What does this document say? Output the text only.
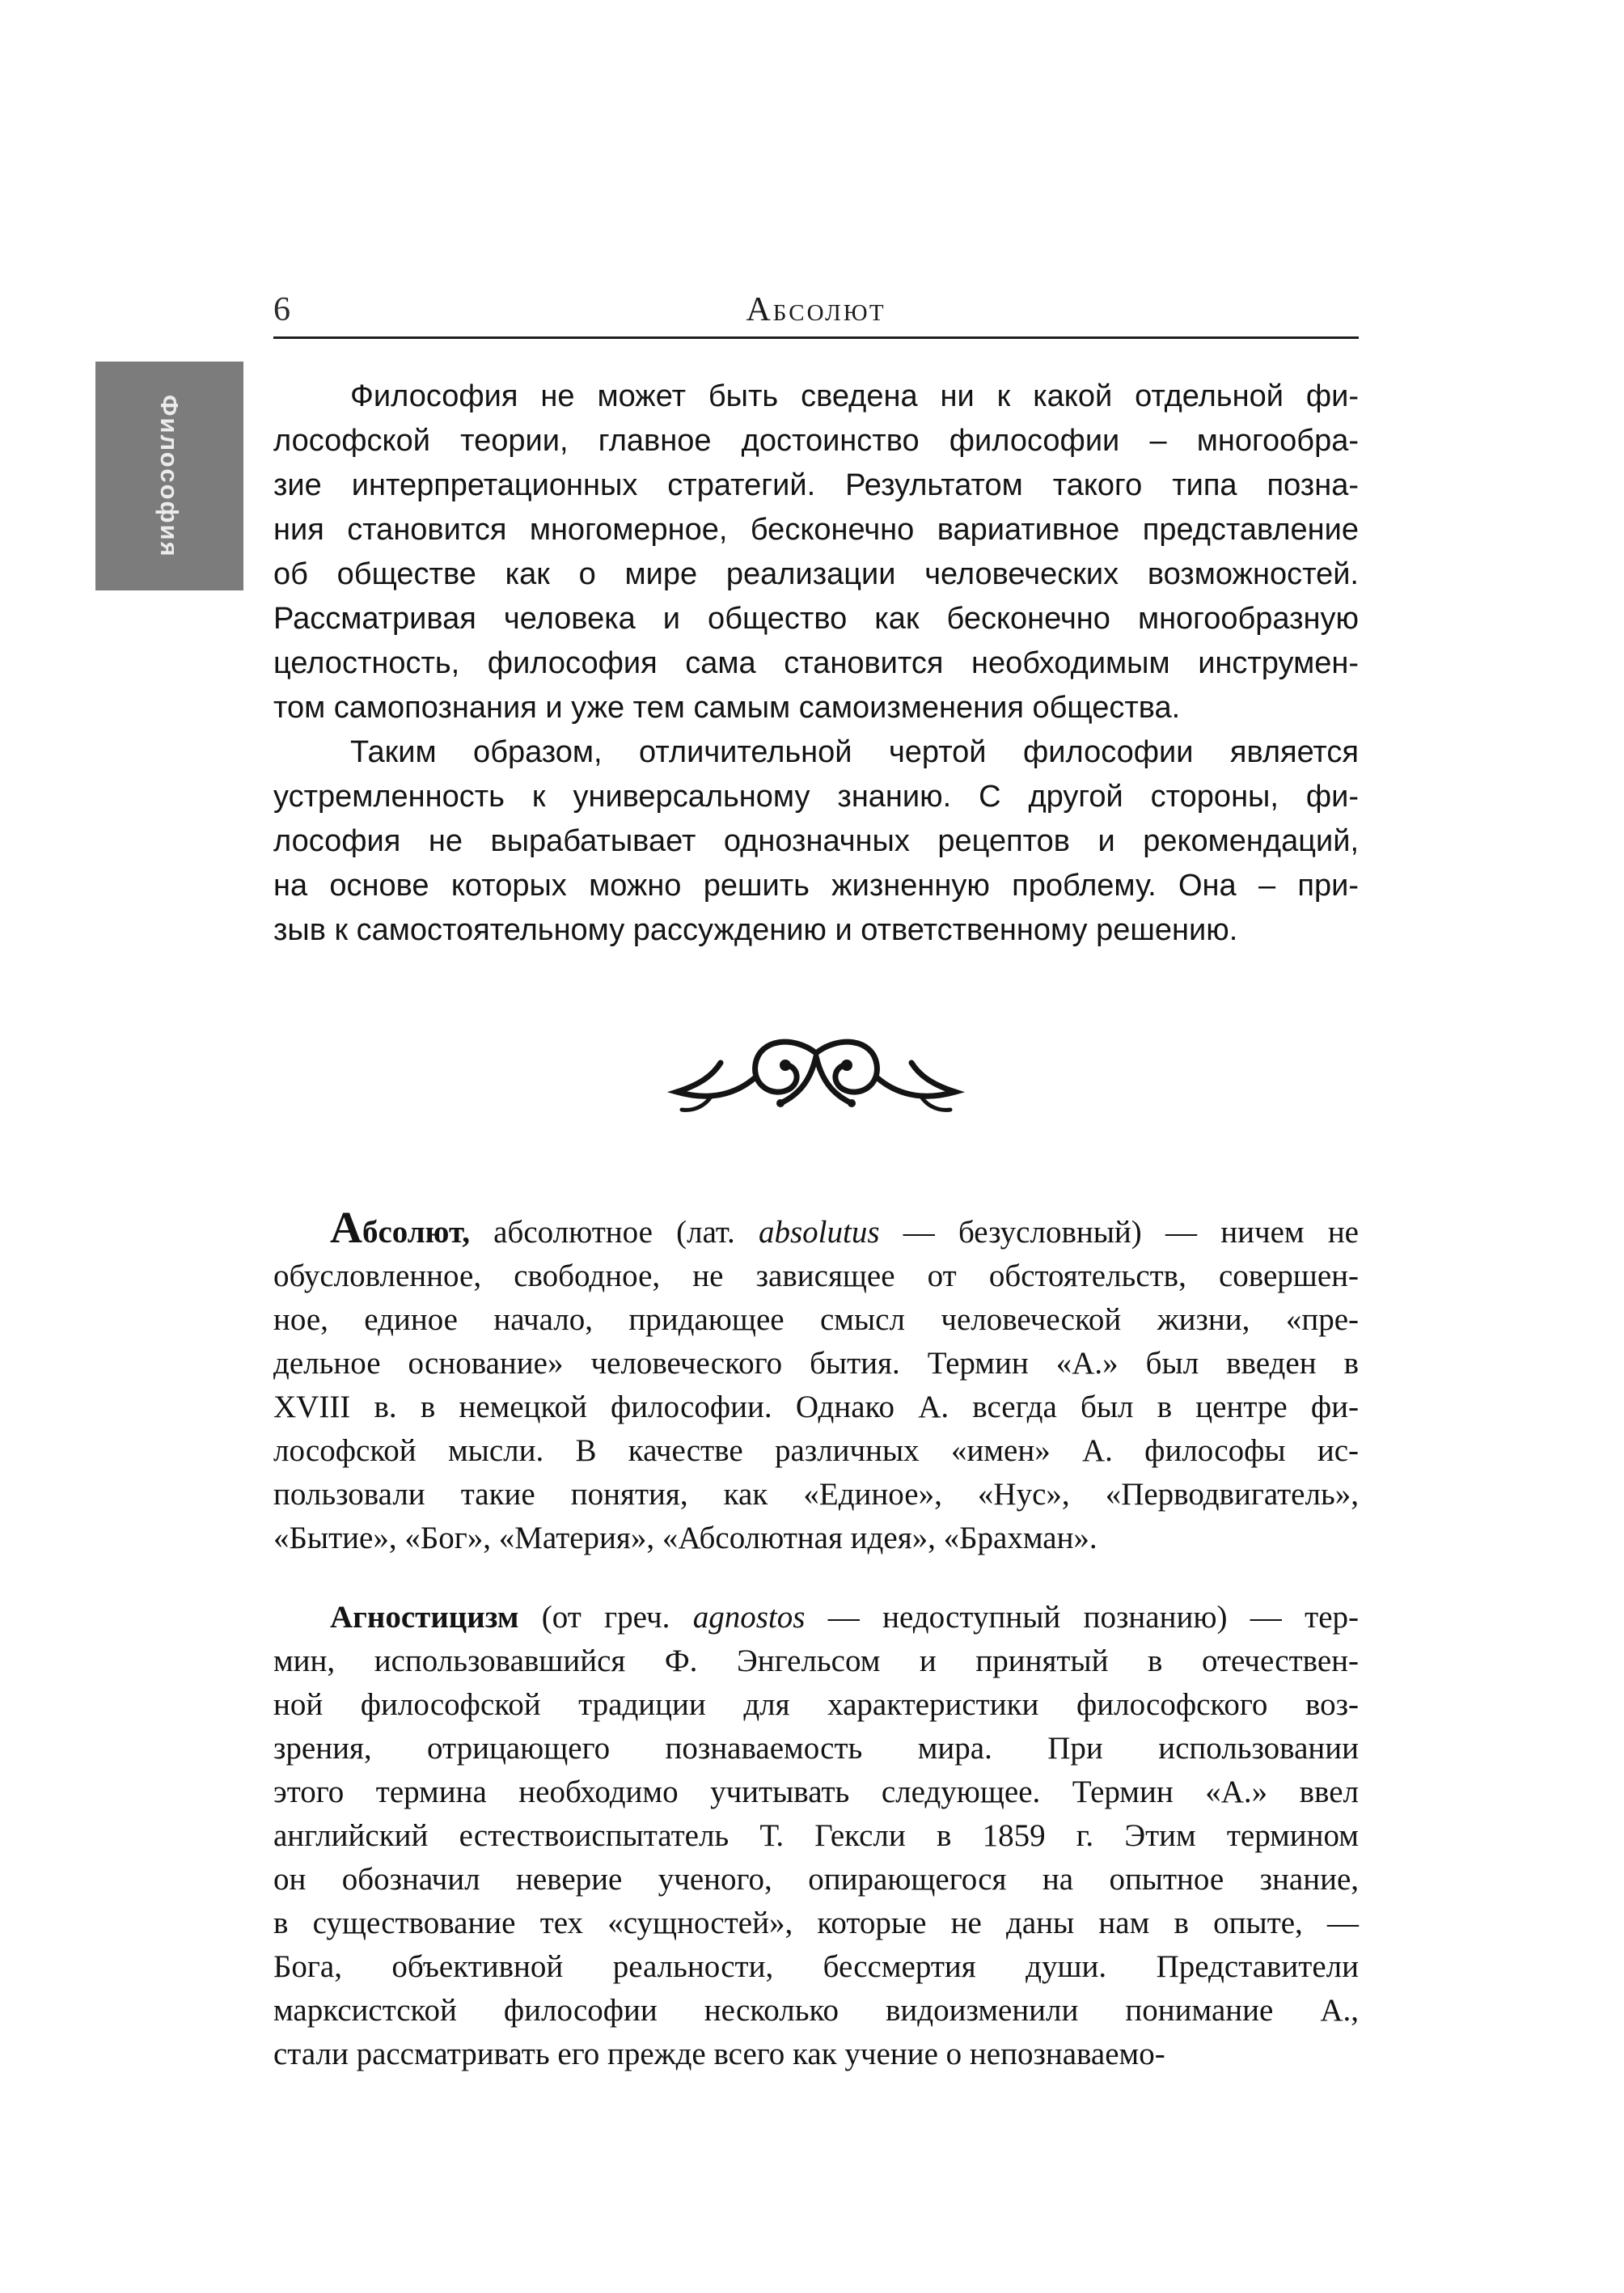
Философия
6	Абсолют
Философия не может быть сведена ни к какой отдельной фи-
лософской теории, главное достоинство философии – многообра-
зие интерпретационных стратегий. Результатом такого типа позна-
ния становится многомерное, бесконечно вариативное представление
об обществе как о мире реализации человеческих возможностей.
Рассматривая человека и общество как бесконечно многообразную
целостность, философия сама становится необходимым инструмен-
том самопознания и уже тем самым самоизменения общества.
Таким образом, отличительной чертой философии является
устремленность к универсальному знанию. С другой стороны, фи-
лософия не вырабатывает однозначных рецептов и рекомендаций,
на основе которых можно решить жизненную проблему. Она – при-
зыв к самостоятельному рассуждению и ответственному решению.
Абсолют, абсолютное (лат. absolutus — безусловный) — ничем не
обусловленное, свободное, не зависящее от обстоятельств, совершен-
ное, единое начало, придающее смысл человеческой жизни, «пре-
дельное основание» человеческого бытия. Термин «А.» был введен в
XVIII в. в немецкой философии. Однако А. всегда был в центре фи-
лософской мысли. В качестве различных «имен» А. философы ис-
пользовали такие понятия, как «Единое», «Нус», «Перводвигатель»,
«Бытие», «Бог», «Материя», «Абсолютная идея», «Брахман».
Агностицизм (от греч. agnostos — недоступный познанию) — тер-
мин, использовавшийся Ф. Энгельсом и принятый в отечествен-
ной философской традиции для характеристики философского воз-
зрения, отрицающего познаваемость мира. При использовании
этого термина необходимо учитывать следующее. Термин «А.» ввел
английский естествоиспытатель Т. Гексли в 1859 г. Этим термином
он обозначил неверие ученого, опирающегося на опытное знание,
в существование тех «сущностей», которые не даны нам в опыте, —
Бога, объективной реальности, бессмертия души. Представители
марксистской философии несколько видоизменили понимание А.,
стали рассматривать его прежде всего как учение о непознаваемо-
